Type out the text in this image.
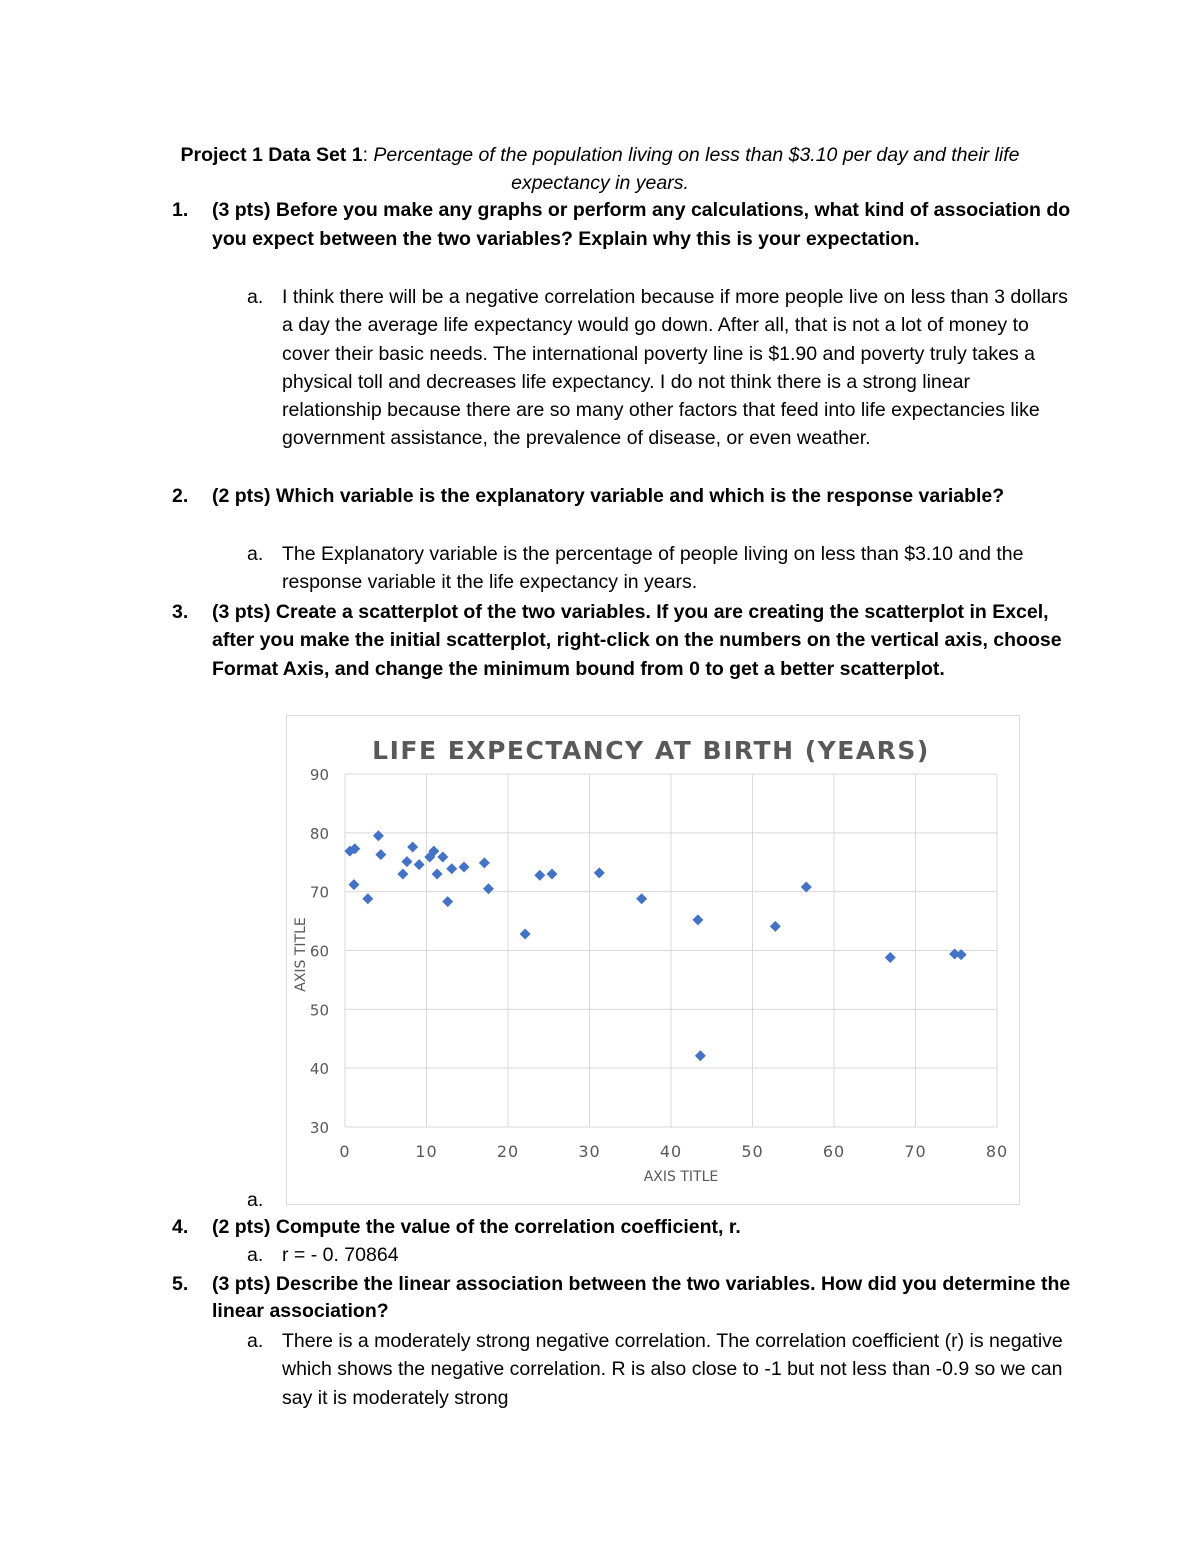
Project 1 Data Set 1: Percentage of the population living on less than $3.10 per day and their life expectancy in years.
1. (3 pts) Before you make any graphs or perform any calculations, what kind of association do you expect between the two variables? Explain why this is your expectation.
a. I think there will be a negative correlation because if more people live on less than 3 dollars a day the average life expectancy would go down. After all, that is not a lot of money to cover their basic needs. The international poverty line is $1.90 and poverty truly takes a physical toll and decreases life expectancy. I do not think there is a strong linear relationship because there are so many other factors that feed into life expectancies like government assistance, the prevalence of disease, or even weather.
2. (2 pts) Which variable is the explanatory variable and which is the response variable?
a. The Explanatory variable is the percentage of people living on less than $3.10 and the response variable it the life expectancy in years.
3. (3 pts) Create a scatterplot of the two variables. If you are creating the scatterplot in Excel, after you make the initial scatterplot, right-click on the numbers on the vertical axis, choose Format Axis, and change the minimum bound from 0 to get a better scatterplot.
LIFE EXPECTANCY AT BIRTH (YEARS)
0	10	20	30	40	50	60	70	80
30
40
50
60
70
80
90
AXIS TITLE
AXIS TITLE
a.
4. (2 pts) Compute the value of the correlation coefficient, r.
a. r = - 0. 70864
5. (3 pts) Describe the linear association between the two variables. How did you determine the linear association?
a. There is a moderately strong negative correlation. The correlation coefficient (r) is negative which shows the negative correlation. R is also close to -1 but not less than -0.9 so we can say it is moderately strong
